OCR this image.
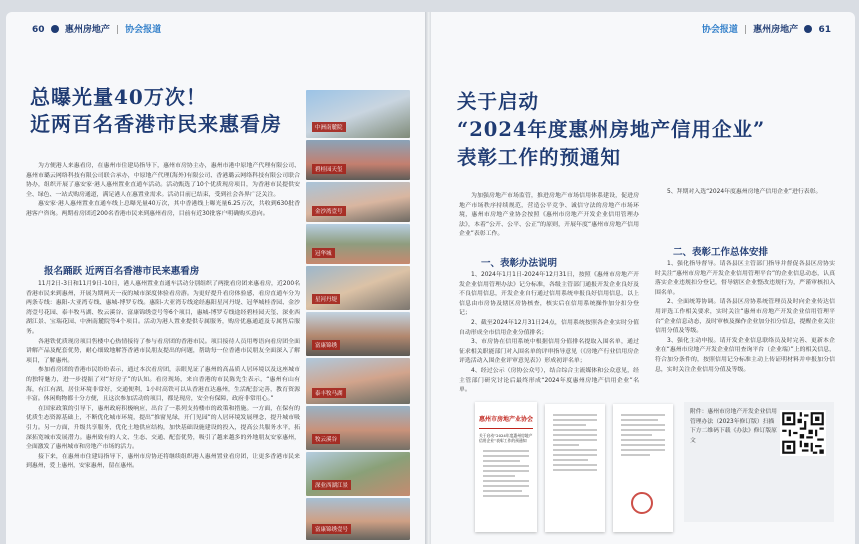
60 惠州房地产 | 协会报道
总曝光量40万次！
近两百名香港市民来惠看房

为方便港人来惠看房，在惠州市住建局指导下，惠州市房协主办，惠州市港中原地产代理有限公司、惠州市璐云网络科技有限公司联合承办，中原地产代理(海外)有限公司、香港璐云网络科技有限公司联合协办，组织开展了惠安家·港人惠州置业直通车活动。活动甄选了10个优质现房项目，为香港市民提供安全、绿色、一站式购房通道，满足港人在惠置业需求。活动目前已结束，受到社会各界广泛关注。

惠安家·港人惠州置业直通车线上总曝光量40万次，其中香港线上曝光量6.25万次，共收到630批香港客户咨询。两期看房团近200名香港市民来到惠州看房，目前有近30批客户明确购买意向。

报名踊跃 近两百名香港市民来惠看房

11月2日-3日和11月9日-10日，港人惠州置业直通车活动分别组织了两批看房团来惠看房，近200名香港市民来到惠州，开展为期两天一夜的城市深度体验看房游。为更好提升看房体验感，看房直通车分为两条专线：惠阳-大亚湾专线、惠城-博罗专线。惠阳-大亚湾专线途经惠阳星河丹堤、冠华城桂香园、金沙湾壹号花园、泰丰牧马湖、牧云溪谷、富康锦绣壹号等6个项目，惠城-博罗专线途经碧桂园天玺、深业西湖江景、宝瑞花园、中洲南麓院等4个项目。活动为港人置业提供专属服务，购房优惠通道及专属售后服务。

各港铁优质现房项目售楼中心热情接待了参与看房团的香港市民。项目接待人员用粤语向看房团全面讲解产品及配套优势，耐心细致地解答香港市民朋友提出的问题，帮助每一位香港市民朋友全面深入了解项目，了解惠州。

参加看房团的香港市民纷纷表示，通过本次看房团，亲眼见证了惠州的高品质人居环境以及这座城市的独特魅力，进一步提振了对“好房子”的认知。看房现场，来自香港的市民陈先生表示，“惠州有山有海，有江有湖，居住环境非常好，交通便利，1小时高铁可以从香港直达惠州，生活配套完善，教育资源丰富。休闲购物都十分方便，且这次参加活动的项目，都是现房，安全有保障，政府非常用心。”

在国家政策的引导下，惠州政府积极响应，出台了一系列支持楼市的政策和措施。一方面，在保有的优质生态资源基础上，不断优化城市环境，提出“推窗见绿，开门见园”的人居环境发展理念，提升城市吸引力。另一方面，升级共享服务，优化土地供应结构，加快基础设施建设的投入，提高公共服务水平，拓深拓宽城市发展潜力。惠州致有的人文、生态、交通、配套优势，吸引了越来越多的外地朋友安家惠州，全面激发了惠州城市和房地产市场的活力。

接下来，在惠州市住建局指导下，惠州市房协还将继续组织港人惠州置业看房团，让更多香港市民来到惠州，爱上惠州，安家惠州，留在惠州。

中洲南麓院
碧桂园天玺
金沙湾壹号
冠华城
星河丹堤
富康锦绣
泰丰牧马湖
牧云溪谷
深业西湖江景
富康锦绣壹号
协会报道 | 惠州房地产 61
关于启动
“2024年度惠州房地产信用企业”
表彰工作的预通知

为加强房地产市场监管，推进房地产市场信用体系建设，促进房地产市场秩序持续规范，营造公平竞争、诚信守法的房地产市场环境，惠州市房地产业协会按照《惠州市房地产开发企业信用管理办法》，本着“公开、公平、公正”的原则，开展年度“惠州市房地产信用企业”表彰工作。

一、表彰办法说明

1、2024年1月1日-2024年12月31日，按照《惠州市房地产开发企业信用管理办法》记分标准，各级主管部门通报开发企业良好及不良信用信息，开发企业自行通过信用系统申报良好信用信息，以上信息由市房协及辖区房协核查，核实后在信用系统操作加分扣分登记；

2、截至2024年12月31日24点，信用系统按照各企业实时分值自动形成全市信用企业分值排名；

3、市房协在信用系统中根据信用分值排名提取入围名单，通过征求相关职能部门对入围名单的评审指导意见（《房地产行业信用房企评选活动入围企业评审意见表》）形成初评名单；

4、经过公示（房协公众号），结合综合主流媒体和公众意见，经主管部门研究讨论后最终形成“2024年度惠州房地产信用企业”名单。

5、拜期对入选“2024年度惠州房地产信用企业”进行表彰。

二、表彰工作总体安排

1、强化指导督导。请各县区主管部门指导并督促各县区房协实时关注“惠州市房地产开发企业信用管理平台”的企业信息动态，认真落实企业违规扣分登记，督导辖区企业整改违规行为，严谨审核扣入围名单。

2、全面统筹协调。请各县区房协系统管理员及时向企业传达信用评选工作相关要求，实时关注“惠州市房地产开发企业信用管理平台”企业信息动态，及时审核及操作企业加分扣分信息，提醒企业关注信用分值及等级。

3、强化主动申报。请开发企业信息联络员及时完善、更新本企业在“惠州市房地产开发企业信用查询平台（企业端）”上的相关信息，符合加分条件的，按照信用记分标准主动上传证明材料并申报加分信息，实时关注企业信用分值及等级。

惠州市房地产业协会
关于启动“2024年度惠州房地产信用企业”表彰工作的预通知
附件：惠州市房地产开发企业信用管理办法（2023年修订版）扫描下方二维码下载《办法》修订版原文
